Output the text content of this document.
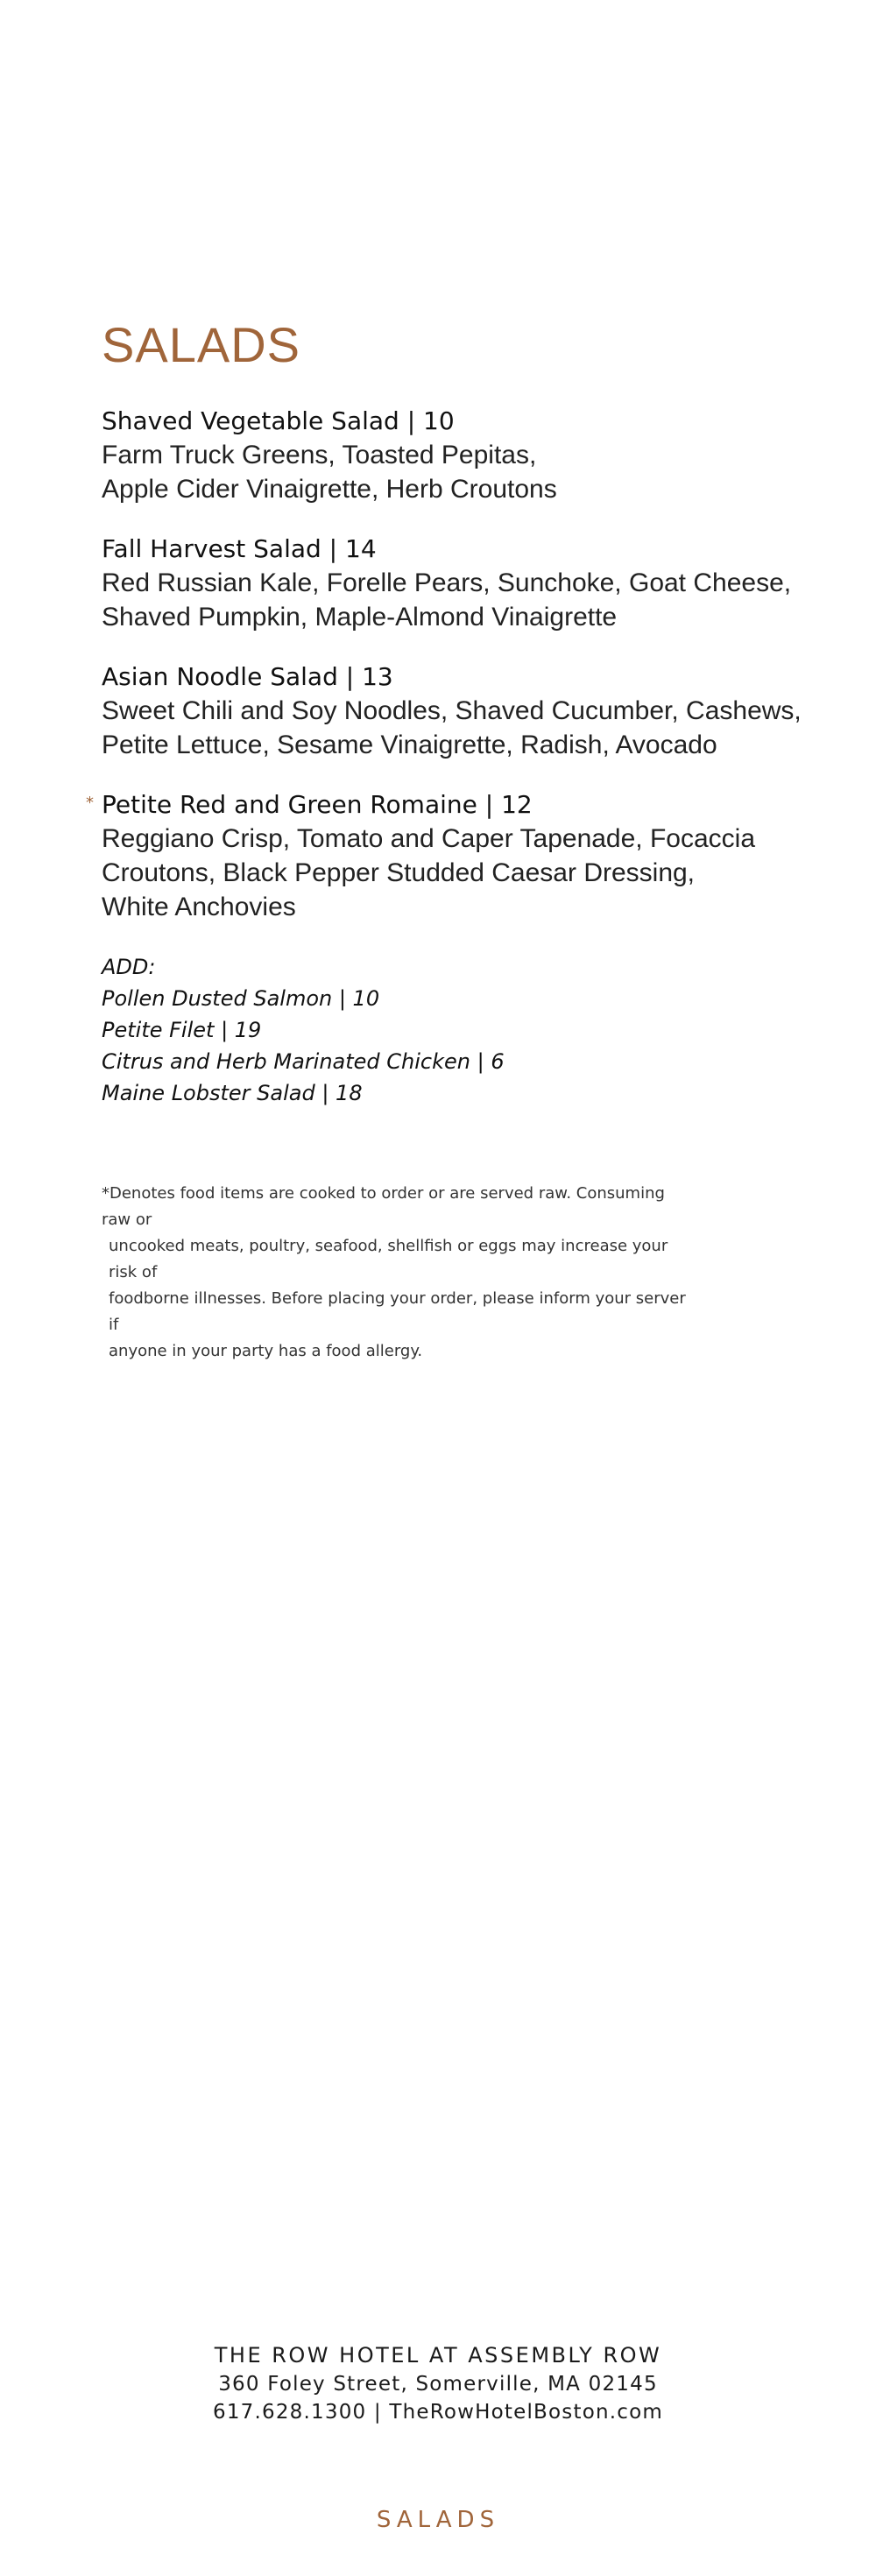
SALADS
Shaved Vegetable Salad | 10
Farm Truck Greens, Toasted Pepitas,
Apple Cider Vinaigrette, Herb Croutons
Fall Harvest Salad | 14
Red Russian Kale, Forelle Pears, Sunchoke, Goat Cheese,
Shaved Pumpkin, Maple-Almond Vinaigrette
Asian Noodle Salad | 13
Sweet Chili and Soy Noodles, Shaved Cucumber, Cashews,
Petite Lettuce, Sesame Vinaigrette, Radish, Avocado
* Petite Red and Green Romaine | 12
Reggiano Crisp, Tomato and Caper Tapenade, Focaccia
Croutons, Black Pepper Studded Caesar Dressing,
White Anchovies
ADD:
Pollen Dusted Salmon | 10
Petite Filet | 19
Citrus and Herb Marinated Chicken | 6
Maine Lobster Salad | 18
*Denotes food items are cooked to order or are served raw. Consuming raw or
uncooked meats, poultry, seafood, shellfish or eggs may increase your risk of
foodborne illnesses. Before placing your order, please inform your server if
anyone in your party has a food allergy.
THE ROW HOTEL AT ASSEMBLY ROW
360 Foley Street, Somerville, MA 02145
617.628.1300 | TheRowHotelBoston.com
SALADS
